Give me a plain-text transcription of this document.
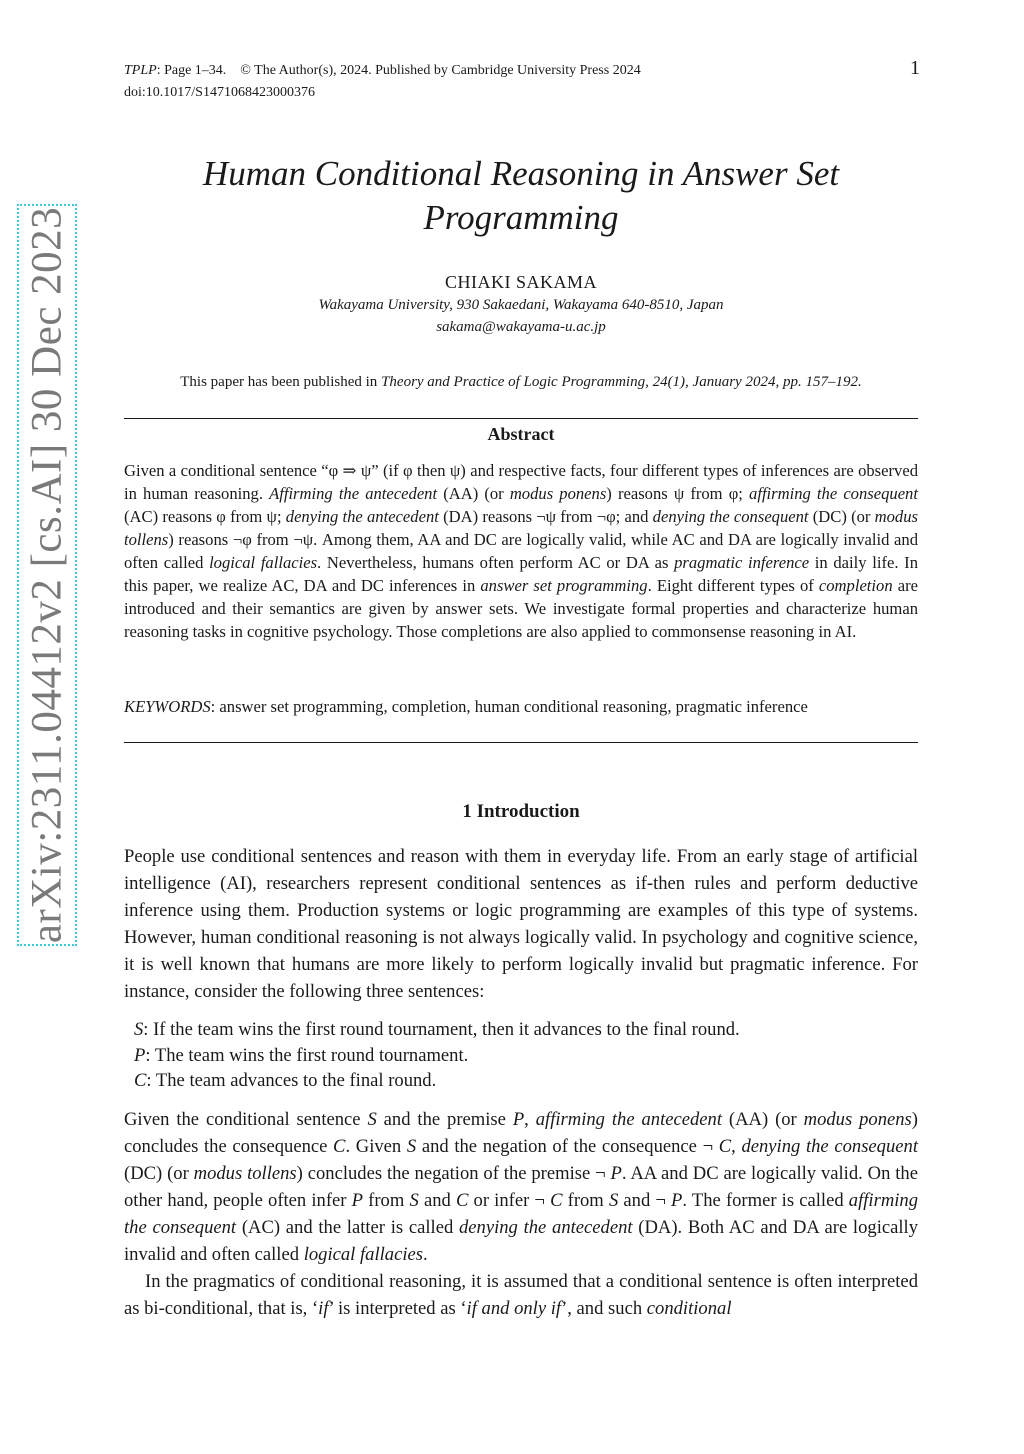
TPLP: Page 1–34. © The Author(s), 2024. Published by Cambridge University Press 2024
doi:10.1017/S1471068423000376
1
arXiv:2311.04412v2 [cs.AI] 30 Dec 2023
Human Conditional Reasoning in Answer Set
Programming
CHIAKI SAKAMA
Wakayama University, 930 Sakaedani, Wakayama 640-8510, Japan
sakama@wakayama-u.ac.jp
This paper has been published in Theory and Practice of Logic Programming, 24(1), January 2024, pp. 157–192.
Abstract
Given a conditional sentence “φ ⇒ ψ” (if φ then ψ) and respective facts, four different types of inferences are observed in human reasoning. Affirming the antecedent (AA) (or modus ponens) reasons ψ from φ; affirming the consequent (AC) reasons φ from ψ; denying the antecedent (DA) reasons ¬ψ from ¬φ; and denying the consequent (DC) (or modus tollens) reasons ¬φ from ¬ψ. Among them, AA and DC are logically valid, while AC and DA are logically invalid and often called logical fallacies. Nevertheless, humans often perform AC or DA as pragmatic inference in daily life. In this paper, we realize AC, DA and DC inferences in answer set programming. Eight different types of completion are introduced and their semantics are given by answer sets. We investigate formal properties and characterize human reasoning tasks in cognitive psychology. Those completions are also applied to commonsense reasoning in AI.
KEYWORDS: answer set programming, completion, human conditional reasoning, pragmatic inference
1 Introduction
People use conditional sentences and reason with them in everyday life. From an early stage of artificial intelligence (AI), researchers represent conditional sentences as if-then rules and perform deductive inference using them. Production systems or logic programming are examples of this type of systems. However, human conditional reasoning is not always logically valid. In psychology and cognitive science, it is well known that humans are more likely to perform logically invalid but pragmatic inference. For instance, consider the following three sentences:
S: If the team wins the first round tournament, then it advances to the final round.
P: The team wins the first round tournament.
C: The team advances to the final round.
Given the conditional sentence S and the premise P, affirming the antecedent (AA) (or modus ponens) concludes the consequence C. Given S and the negation of the consequence ¬ C, denying the consequent (DC) (or modus tollens) concludes the negation of the premise ¬ P. AA and DC are logically valid. On the other hand, people often infer P from S and C or infer ¬ C from S and ¬ P. The former is called affirming the consequent (AC) and the latter is called denying the antecedent (DA). Both AC and DA are logically invalid and often called logical fallacies.
In the pragmatics of conditional reasoning, it is assumed that a conditional sentence is often interpreted as bi-conditional, that is, ‘if’ is interpreted as ‘if and only if’, and such conditional
